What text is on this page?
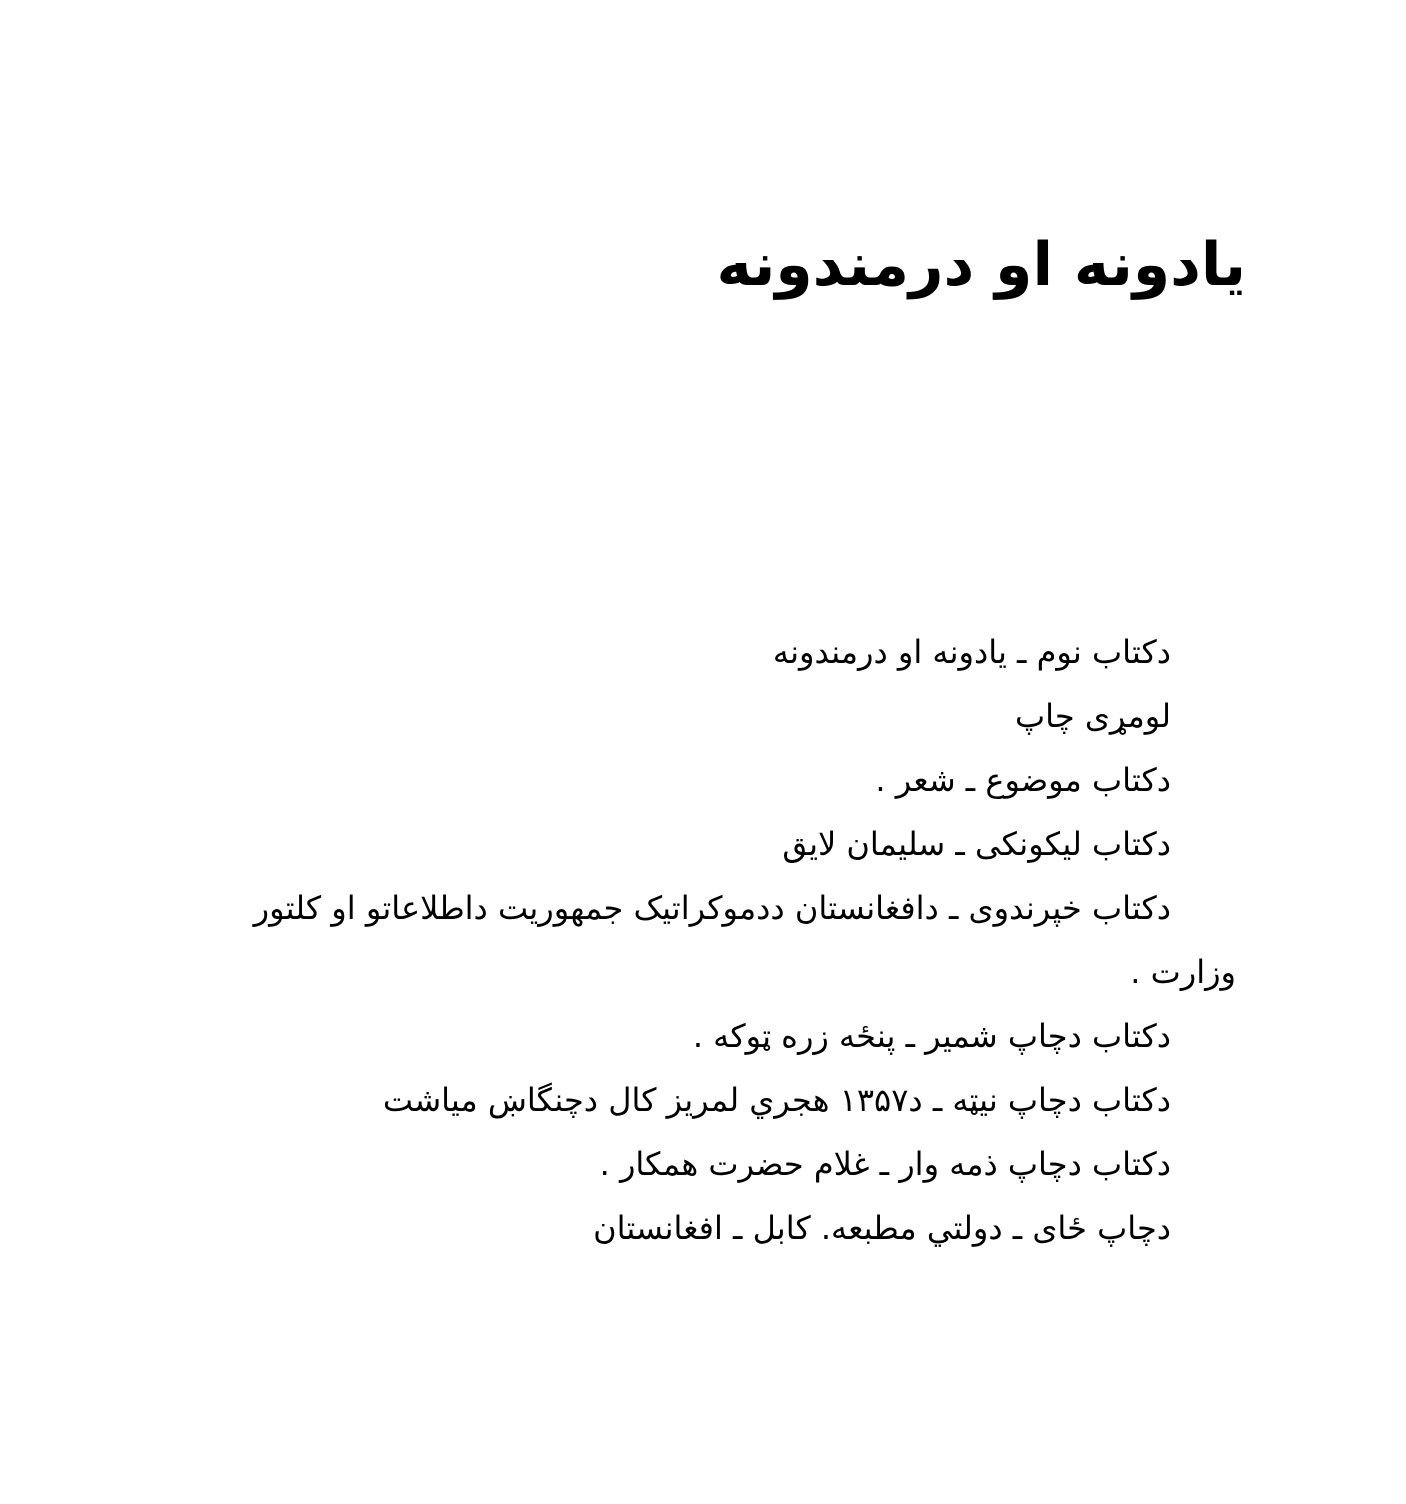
یادونه او درمندونه
دکتاب نوم ـ یادونه او درمندونه
لومړی چاپ
دکتاب موضوع ـ شعر .
دکتاب لیکونکی ـ سلیمان لایق
دکتاب خپرندوی ـ دافغانستان ددموکراتیک جمهوریت داطلاعاتو او کلتور
وزارت .
دکتاب دچاپ شمیر ـ پنځه زره ټوکه .
دکتاب دچاپ نیټه ـ د۱۳۵۷ هجري لمریز کال دچنگاښ میاشت
دکتاب دچاپ ذمه وار ـ غلام حضرت همکار .
دچاپ ځای ـ دولتي مطبعه. کابل ـ افغانستان
